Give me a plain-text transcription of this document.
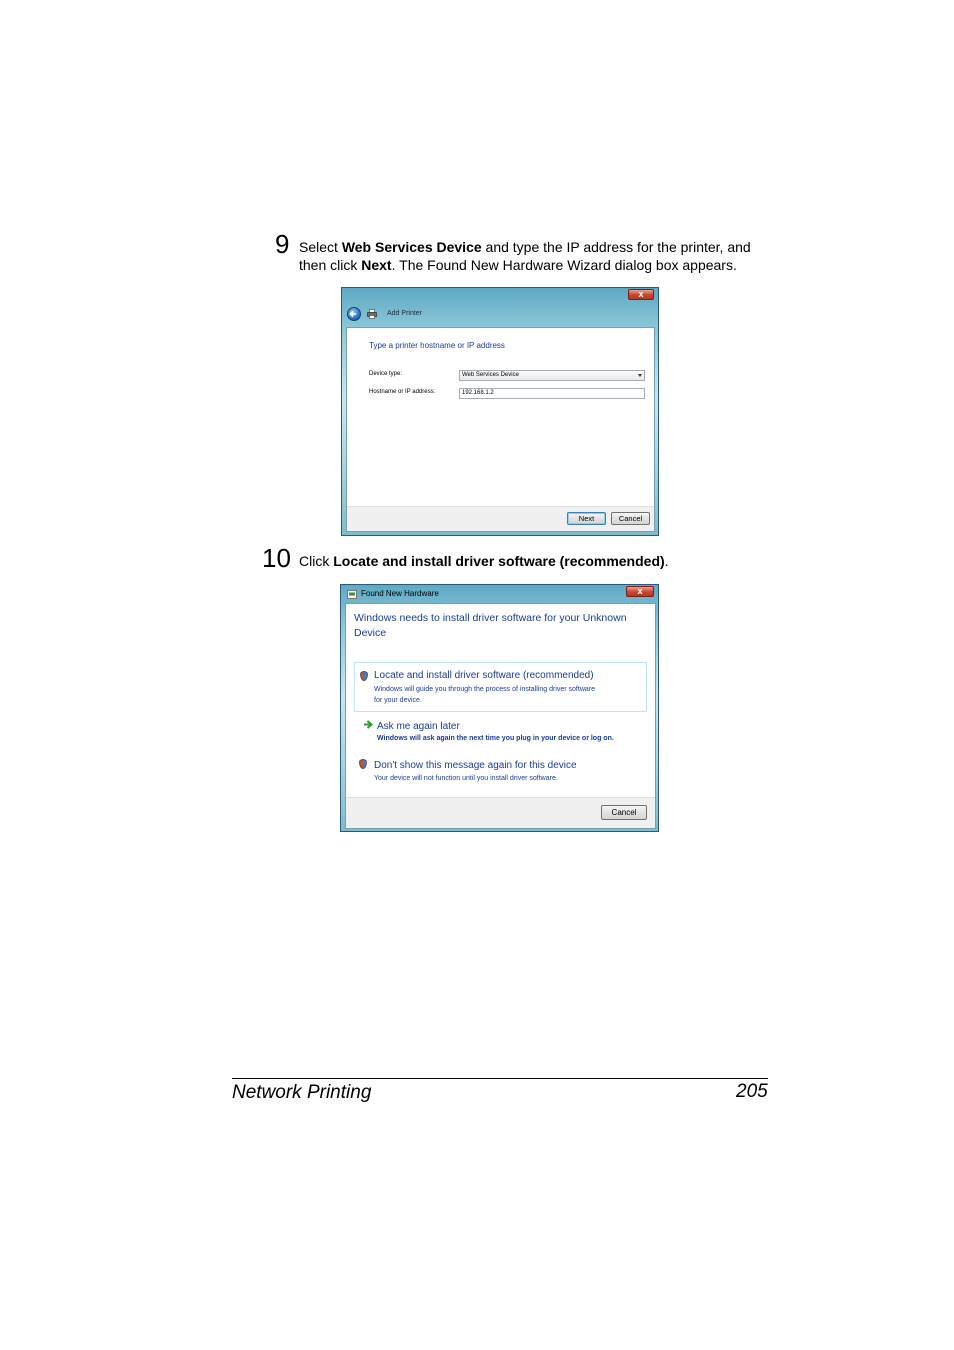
9 Select Web Services Device and type the IP address for the printer, and
then click Next. The Found New Hardware Wizard dialog box appears.
x
Add Printer
Type a printer hostname or IP address
Device type:	Web Services Device
Hostname or IP address:	192.168.1.2
Next	Cancel
10 Click Locate and install driver software (recommended).
Found New Hardware	x
Windows needs to install driver software for your Unknown
Device
Locate and install driver software (recommended)
Windows will guide you through the process of installing driver software
for your device.
Ask me again later
Windows will ask again the next time you plug in your device or log on.
Don't show this message again for this device
Your device will not function until you install driver software.
Cancel
Network Printing	205
